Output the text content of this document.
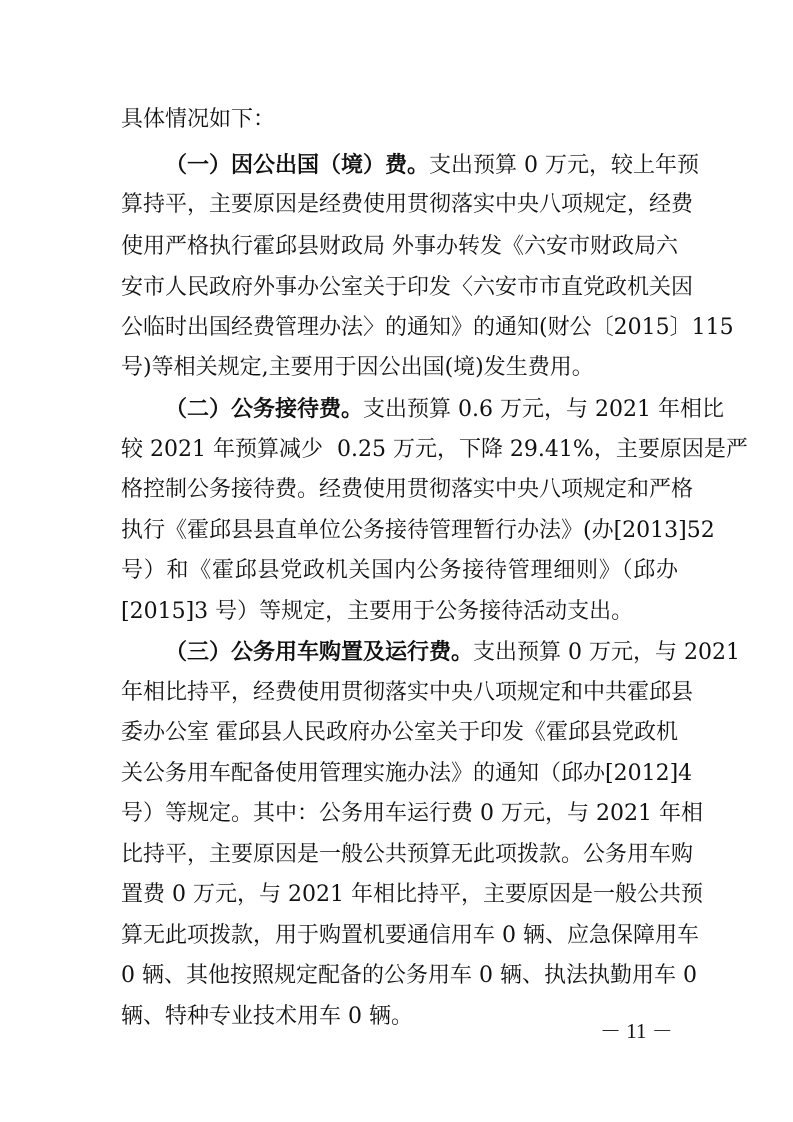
具体情况如下：
（一）因公出国（境）费。支出预算 0 万元，较上年预
算持平，主要原因是经费使用贯彻落实中央八项规定，经费
使用严格执行霍邱县财政局 外事办转发《六安市财政局六
安市人民政府外事办公室关于印发〈六安市市直党政机关因
公临时出国经费管理办法〉的通知》的通知(财公〔2015〕115
号)等相关规定,主要用于因公出国(境)发生费用。
（二）公务接待费。支出预算 0.6 万元，与 2021 年相比
较 2021 年预算减少  0.25 万元，下降 29.41%，主要原因是严
格控制公务接待费。经费使用贯彻落实中央八项规定和严格
执行《霍邱县县直单位公务接待管理暂行办法》(办[2013]52
号）和《霍邱县党政机关国内公务接待管理细则》（邱办
[2015]3 号）等规定，主要用于公务接待活动支出。
（三）公务用车购置及运行费。支出预算 0 万元，与 2021
年相比持平，经费使用贯彻落实中央八项规定和中共霍邱县
委办公室 霍邱县人民政府办公室关于印发《霍邱县党政机
关公务用车配备使用管理实施办法》的通知（邱办[2012]4
号）等规定。其中：公务用车运行费 0 万元，与 2021 年相
比持平，主要原因是一般公共预算无此项拨款。公务用车购
置费 0 万元，与 2021 年相比持平，主要原因是一般公共预
算无此项拨款，用于购置机要通信用车 0 辆、应急保障用车
0 辆、其他按照规定配备的公务用车 0 辆、执法执勤用车 0
辆、特种专业技术用车 0 辆。
－ 11 －
